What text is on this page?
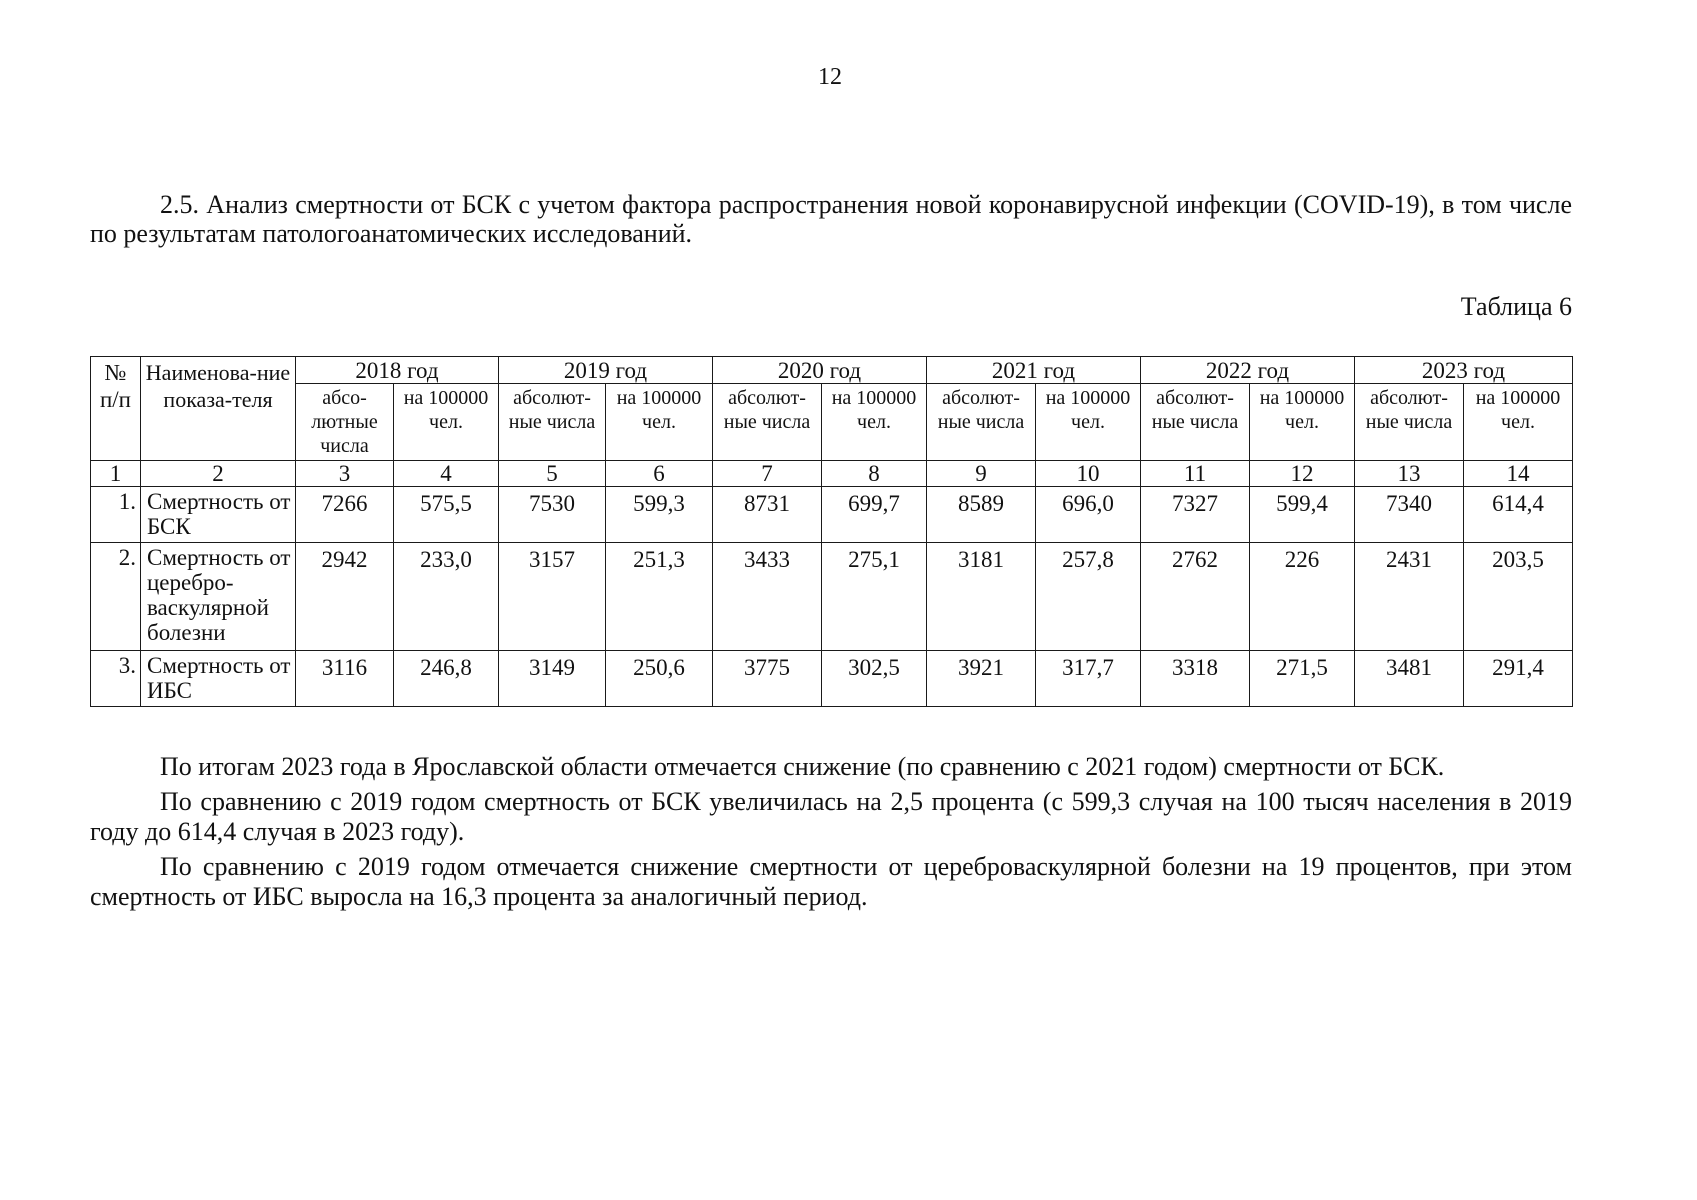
12
2.5. Анализ смертности от БСК с учетом фактора распространения новой коронавирусной инфекции (COVID-19), в том числе по результатам патологоанатомических исследований.
Таблица 6
№ п/п	Наименова-ние показа-теля	2018 год		2019 год		2020 год		2021 год		2022 год		2023 год	
		абсо-лютные числа	на 100000 чел.	абсолют-ные числа	на 100000 чел.	абсолют-ные числа	на 100000 чел.	абсолют-ные числа	на 100000 чел.	абсолют-ные числа	на 100000 чел.	абсолют-ные числа	на 100000 чел.
1	2	3	4	5	6	7	8	9	10	11	12	13	14
1.	Смертность от БСК	7266	575,5	7530	599,3	8731	699,7	8589	696,0	7327	599,4	7340	614,4
2.	Смертность от церебро-васкулярной болезни	2942	233,0	3157	251,3	3433	275,1	3181	257,8	2762	226	2431	203,5
3.	Смертность от ИБС	3116	246,8	3149	250,6	3775	302,5	3921	317,7	3318	271,5	3481	291,4

По итогам 2023 года в Ярославской области отмечается снижение (по сравнению с 2021 годом) смертности от БСК.

По сравнению с 2019 годом смертность от БСК увеличилась на 2,5 процента (с 599,3 случая на 100 тысяч населения в 2019 году до 614,4 случая в 2023 году).

По сравнению с 2019 годом отмечается снижение смертности от цереброваскулярной болезни на 19 процентов, при этом смертность от ИБС выросла на 16,3 процента за аналогичный период.
